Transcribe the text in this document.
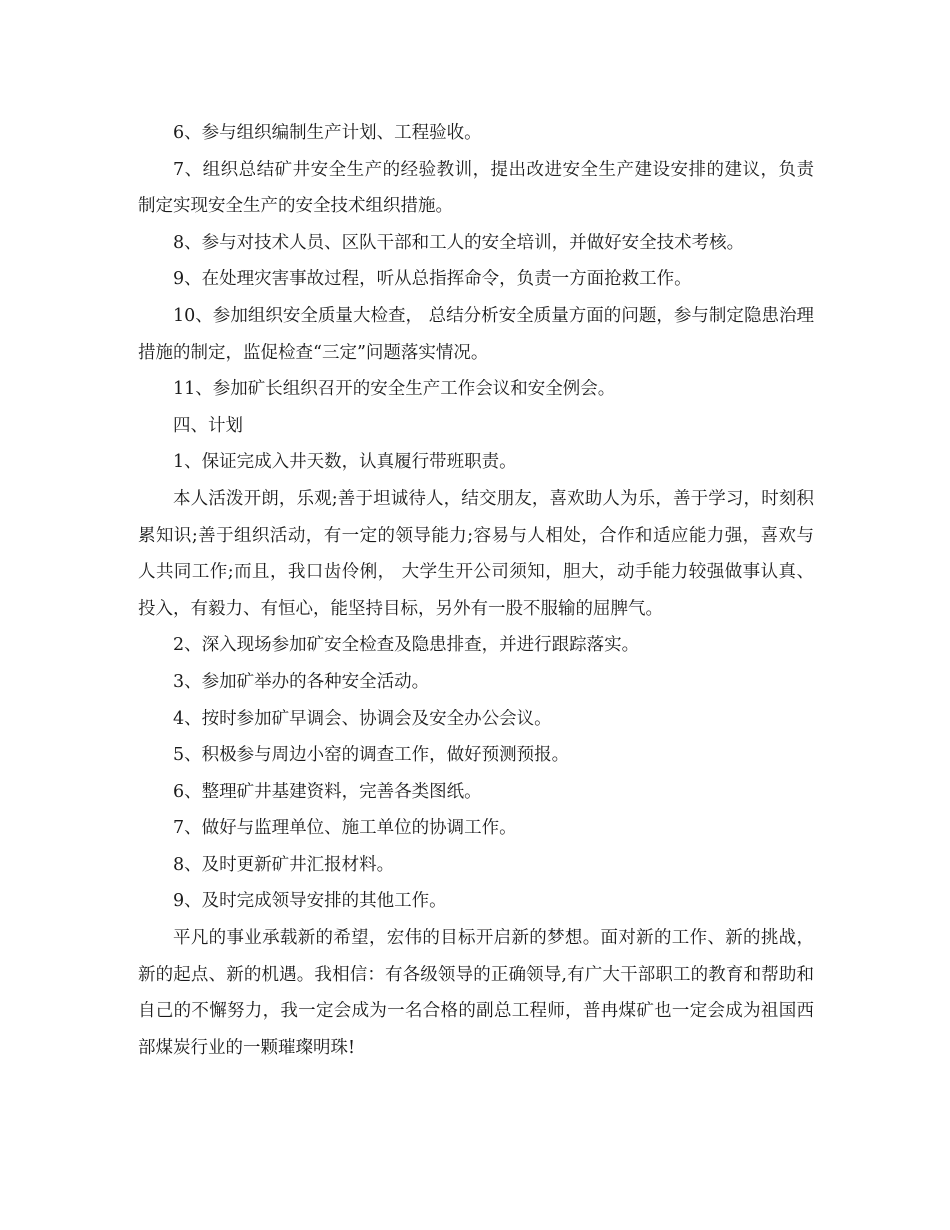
6、参与组织编制生产计划、工程验收。

7、组织总结矿井安全生产的经验教训，提出改进安全生产建设安排的建议，负责制定实现安全生产的安全技术组织措施。

8、参与对技术人员、区队干部和工人的安全培训，并做好安全技术考核。

9、在处理灾害事故过程，听从总指挥命令，负责一方面抢救工作。

10、参加组织安全质量大检查， 总结分析安全质量方面的问题，参与制定隐患治理措施的制定，监促检查“三定”问题落实情况。

11、参加矿长组织召开的安全生产工作会议和安全例会。

四、计划

1、保证完成入井天数，认真履行带班职责。

本人活泼开朗，乐观;善于坦诚待人，结交朋友，喜欢助人为乐，善于学习，时刻积累知识;善于组织活动，有一定的领导能力;容易与人相处，合作和适应能力强，喜欢与人共同工作;而且，我口齿伶俐， 大学生开公司须知，胆大，动手能力较强做事认真、投入，有毅力、有恒心，能坚持目标，另外有一股不服输的屈脾气。

2、深入现场参加矿安全检查及隐患排查，并进行跟踪落实。

3、参加矿举办的各种安全活动。

4、按时参加矿早调会、协调会及安全办公会议。

5、积极参与周边小窑的调查工作，做好预测预报。

6、整理矿井基建资料，完善各类图纸。

7、做好与监理单位、施工单位的协调工作。

8、及时更新矿井汇报材料。

9、及时完成领导安排的其他工作。

平凡的事业承载新的希望，宏伟的目标开启新的梦想。面对新的工作、新的挑战，新的起点、新的机遇。我相信：有各级领导的正确领导,有广大干部职工的教育和帮助和自己的不懈努力，我一定会成为一名合格的副总工程师，普冉煤矿也一定会成为祖国西部煤炭行业的一颗璀璨明珠!
